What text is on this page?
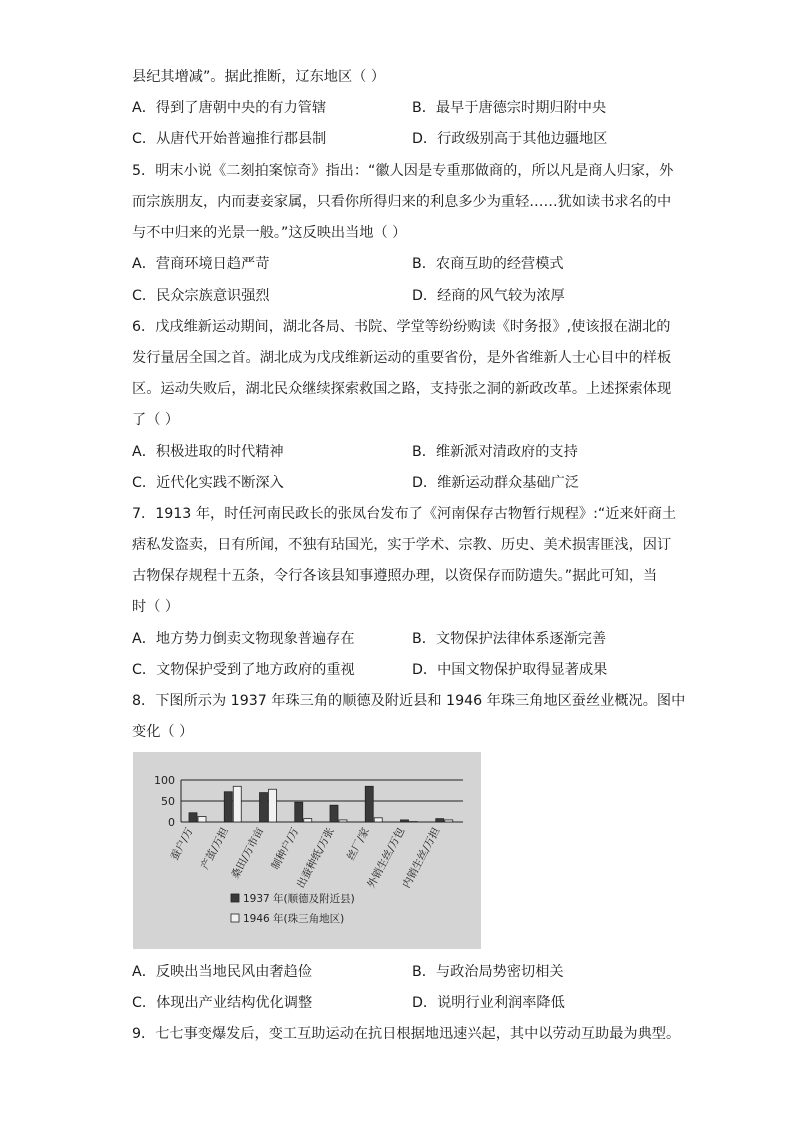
县纪其增减”。据此推断，辽东地区（ ）
A．得到了唐朝中央的有力管辖	B．最早于唐德宗时期归附中央
C．从唐代开始普遍推行郡县制	D．行政级别高于其他边疆地区
5．明末小说《二刻拍案惊奇》指出：“徽人因是专重那做商的，所以凡是商人归家，外
而宗族朋友，内而妻妾家属，只看你所得归来的利息多少为重轻……犹如读书求名的中
与不中归来的光景一般。”这反映出当地（ ）
A．营商环境日趋严苛	B．农商互助的经营模式
C．民众宗族意识强烈	D．经商的风气较为浓厚
6．戊戌维新运动期间，湖北各局、书院、学堂等纷纷购读《时务报》,使该报在湖北的
发行量居全国之首。湖北成为戊戌维新运动的重要省份，是外省维新人士心目中的样板
区。运动失败后，湖北民众继续探索救国之路，支持张之洞的新政改革。上述探索体现
了（ ）
A．积极进取的时代精神	B．维新派对清政府的支持
C．近代化实践不断深入	D．维新运动群众基础广泛
7．1913 年，时任河南民政长的张凤台发布了《河南保存古物暂行规程》:“近来奸商土
痞私发盗卖，日有所闻，不独有玷国光，实于学术、宗教、历史、美术损害匪浅，因订
古物保存规程十五条，令行各该县知事遵照办理，以资保存而防遗失。”据此可知，当
时（ ）
A．地方势力倒卖文物现象普遍存在	B．文物保护法律体系逐渐完善
C．文物保护受到了地方政府的重视	D．中国文物保护取得显著成果
8．下图所示为 1937 年珠三角的顺德及附近县和 1946 年珠三角地区蚕丝业概况。图中
变化（ ）
100
50
0
蚕户/万 产茧/万担
桑田/万市亩 制种户/万
出蚕种纸/万张 丝厂/家
外销生丝/万包
内销生丝/万担
1937 年(顺德及附近县)
1946 年(珠三角地区)
A．反映出当地民风由奢趋俭	B．与政治局势密切相关
C．体现出产业结构优化调整	D．说明行业利润率降低
9．七七事变爆发后，变工互助运动在抗日根据地迅速兴起，其中以劳动互助最为典型。
